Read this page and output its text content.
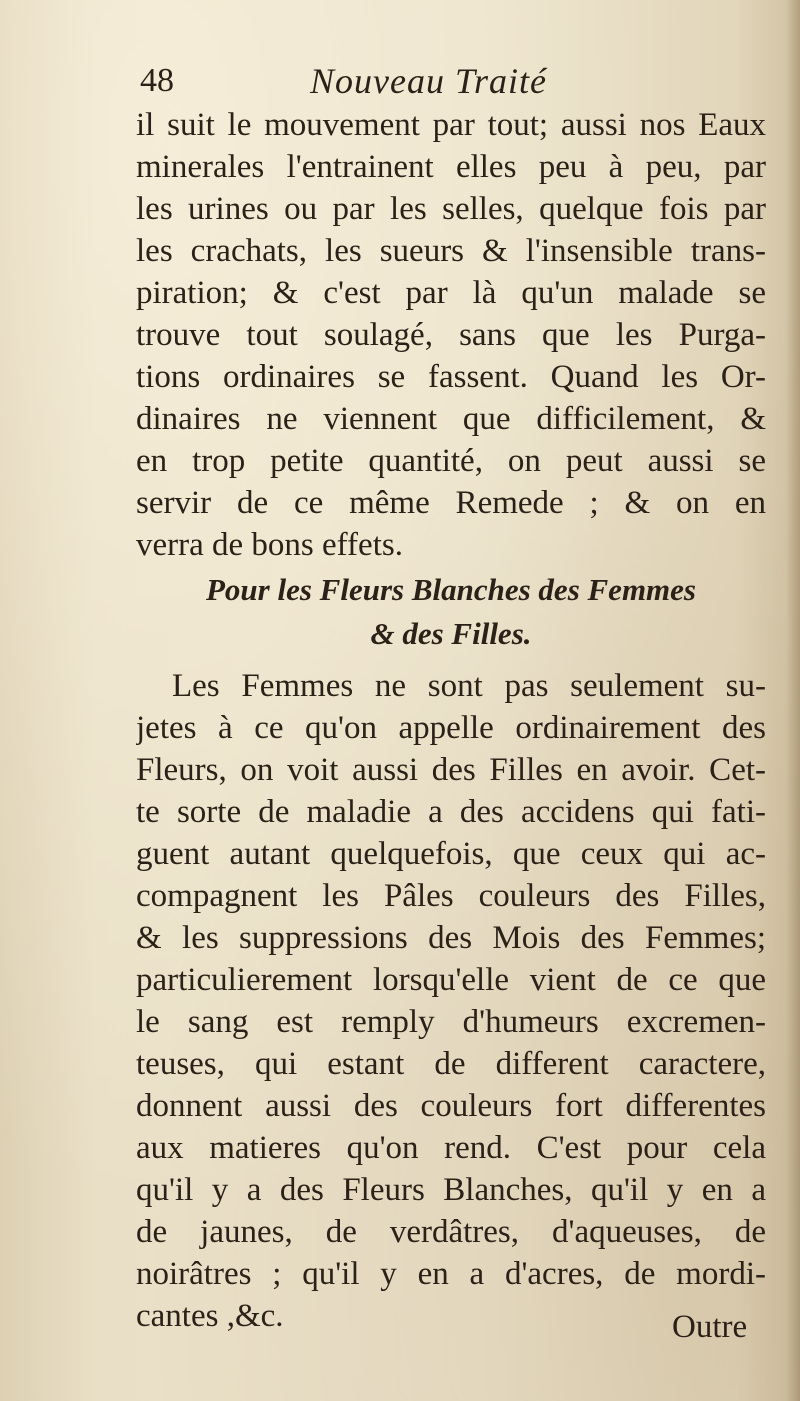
48	Nouveau Traité
il suit le mouvement par tout; aussi nos Eaux
minerales l'entrainent elles peu à peu, par
les urines ou par les selles, quelque fois par
les crachats, les sueurs & l'insensible trans-
piration; & c'est par là qu'un malade se
trouve tout soulagé, sans que les Purga-
tions ordinaires se fassent. Quand les Or-
dinaires ne viennent que difficilement, &
en trop petite quantité, on peut aussi se
servir de ce même Remede ; & on en
verra de bons effets.
Pour les Fleurs Blanches des Femmes
& des Filles.
Les Femmes ne sont pas seulement su-
jetes à ce qu'on appelle ordinairement des
Fleurs, on voit aussi des Filles en avoir. Cet-
te sorte de maladie a des accidens qui fati-
guent autant quelquefois, que ceux qui ac-
compagnent les Pâles couleurs des Filles,
& les suppressions des Mois des Femmes;
particulierement lorsqu'elle vient de ce que
le sang est remply d'humeurs excremen-
teuses, qui estant de different caractere,
donnent aussi des couleurs fort differentes
aux matieres qu'on rend. C'est pour cela
qu'il y a des Fleurs Blanches, qu'il y en a
de jaunes, de verdâtres, d'aqueuses, de
noirâtres ; qu'il y en a d'acres, de mordi-
cantes ,&c.	Outre
